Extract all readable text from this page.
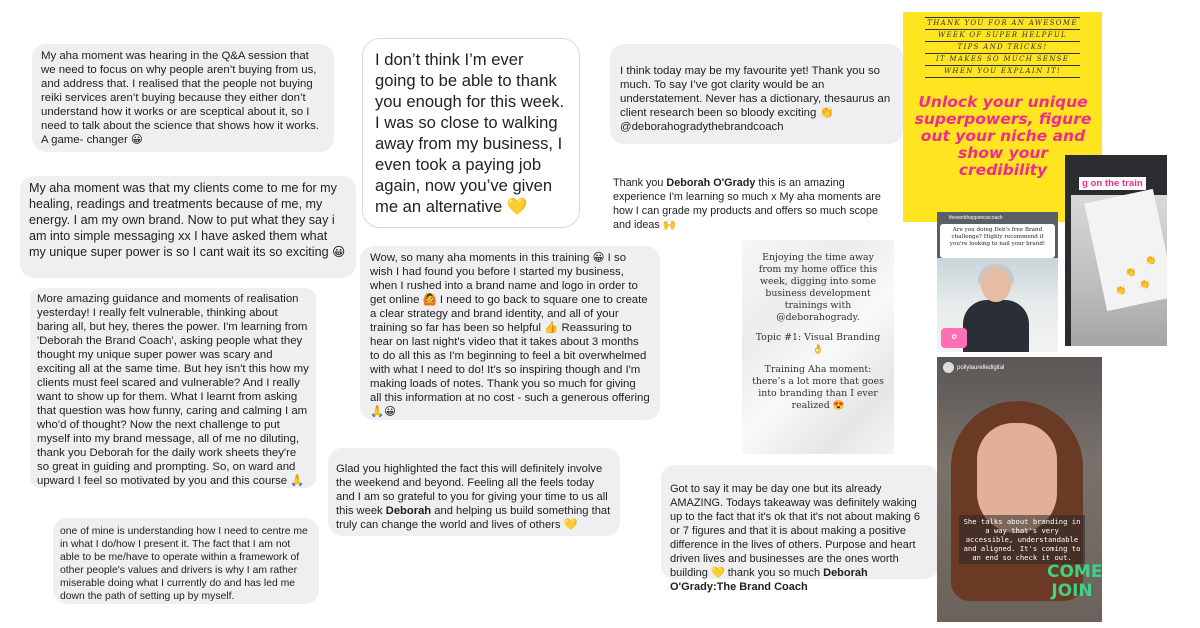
My aha moment was hearing in the Q&A session that we need to focus on why people aren’t buying from us, and address that. I realised that the people not buying reiki services aren’t buying because they either don’t understand how it works or are sceptical about it, so I need to talk about the science that shows how it works. A game- changer 😀

My aha moment was that my clients come to me for my healing, readings and treatments because of me, my energy. I am my own brand. Now to put what they say i am into simple messaging xx I have asked them what my unique super power is so I cant wait its so exciting 😀

More amazing guidance and moments of realisation yesterday! I really felt vulnerable, thinking about baring all, but hey, theres the power. I'm learning from 'Deborah the Brand Coach', asking people what they thought my unique super power was scary and exciting all at the same time. But hey isn't this how my clients must feel scared and vulnerable? And I really want to show up for them. What I learnt from asking that question was how funny, caring and calming I am who'd of thought? Now the next challenge to put myself into my brand message, all of me no diluting, thank you Deborah for the daily work sheets they're so great in guiding and prompting. So, on ward and upward I feel so motivated by you and this course 🙏

one of mine is understanding how I need to centre me in what I do/how I present it. The fact that I am not able to be me/have to operate within a framework of other people's values and drivers is why I am rather miserable doing what I currently do and has led me down the path of setting up by myself.

I don’t think I’m ever going to be able to thank you enough for this week. I was so close to walking away from my business, I even took a paying job again, now you’ve given me an alternative 💛

Wow, so many aha moments in this training 😀 I so wish I had found you before I started my business, when I rushed into a brand name and logo in order to get online 🙆 I need to go back to square one to create a clear strategy and brand identity, and all of your training so far has been so helpful 👍 Reassuring to hear on last night's video that it takes about 3 months to do all this as I'm beginning to feel a bit overwhelmed with what I need to do! It's so inspiring though and I'm making loads of notes. Thank you so much for giving all this information at no cost - such a generous offering 🙏😀

Glad you highlighted the fact this will definitely involve the weekend and beyond. Feeling all the feels today and I am so grateful to you for giving your time to us all this week Deborah and helping us build something that truly can change the world and lives of others 💛

I think today may be my favourite yet! Thank you so much. To say I’ve got clarity would be an understatement. Never has a dictionary, thesaurus an client research been so bloody exciting 👏 @deborahogradythebrandcoach

Thank you Deborah O'Grady this is an amazing experience I'm learning so much x My aha moments are how I can grade my products and offers so much scope and ideas 🙌

Enjoying the time away from my home office this week, digging into some business development trainings with @deborahogrady.

Topic #1: Visual Branding 👌

Training Aha moment: there’s a lot more that goes into branding than I ever realized 😍

Got to say it may be day one but its already AMAZING. Todays takeaway was definitely waking up to the fact that it's ok that it's not about making 6 or 7 figures and that it is about making a positive difference in the lives of others. Purpose and heart driven lives and businesses are the ones worth building 💛 thank you so much Deborah O'Grady:The Brand Coach

THANK YOU FOR AN AWESOME
WEEK OF SUPER HELPFUL
TIPS AND TRICKS!
IT MAKES SO MUCH SENSE
WHEN YOU EXPLAIN IT!
Unlock your unique superpowers, figure out your niche and show your credibility
theworkhappinesscoach
Are you doing Deb's free Brand challenge? Highly recommend if you're looking to nail your brand!
✿
g on the train
👏
👏
👏
👏
pollylaurelledigital
She talks about branding in a way that's very accessible, understandable and aligned. It's coming to an end so check it out.
COME JOIN
